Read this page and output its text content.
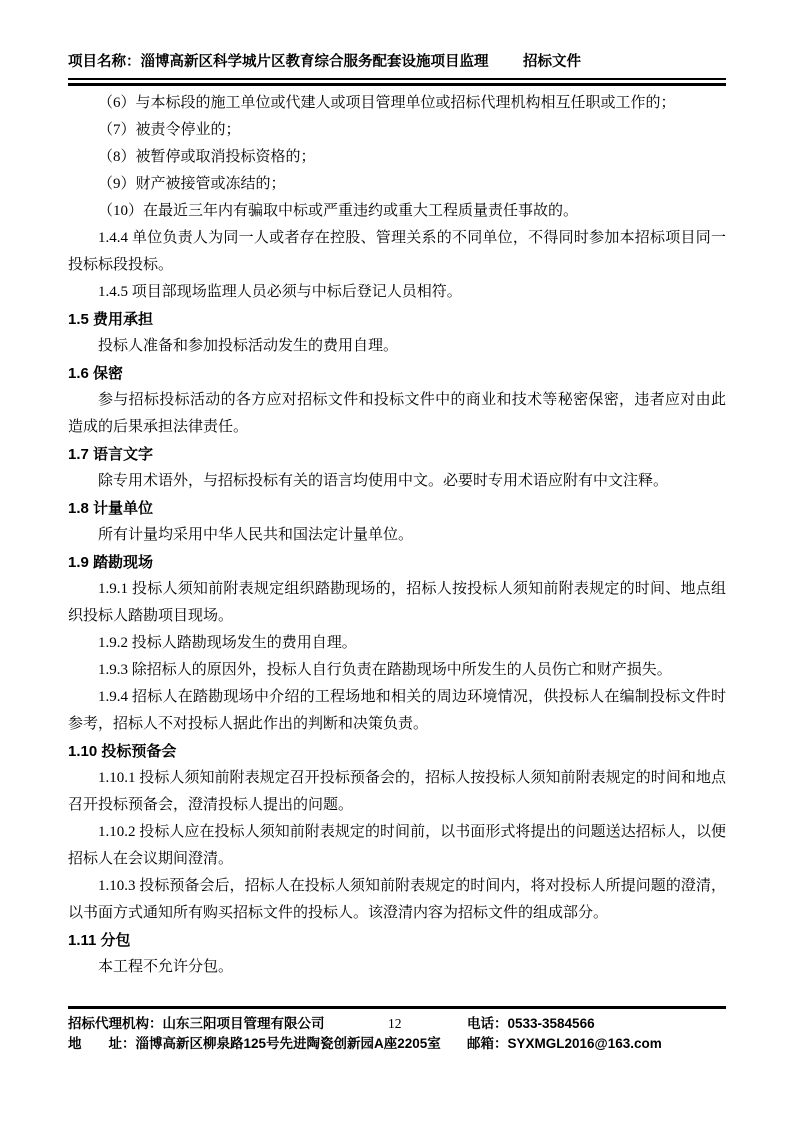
项目名称：淄博高新区科学城片区教育综合服务配套设施项目监理 招标文件

（6）与本标段的施工单位或代建人或项目管理单位或招标代理机构相互任职或工作的；

（7）被责令停业的；

（8）被暂停或取消投标资格的；

（9）财产被接管或冻结的；

（10）在最近三年内有骗取中标或严重违约或重大工程质量责任事故的。

1.4.4 单位负责人为同一人或者存在控股、管理关系的不同单位，不得同时参加本招标项目同一投标标段投标。

1.4.5 项目部现场监理人员必须与中标后登记人员相符。

1.5 费用承担

投标人准备和参加投标活动发生的费用自理。

1.6 保密

参与招标投标活动的各方应对招标文件和投标文件中的商业和技术等秘密保密，违者应对由此造成的后果承担法律责任。

1.7 语言文字

除专用术语外，与招标投标有关的语言均使用中文。必要时专用术语应附有中文注释。

1.8 计量单位

所有计量均采用中华人民共和国法定计量单位。

1.9 踏勘现场

1.9.1 投标人须知前附表规定组织踏勘现场的，招标人按投标人须知前附表规定的时间、地点组织投标人踏勘项目现场。

1.9.2 投标人踏勘现场发生的费用自理。

1.9.3 除招标人的原因外，投标人自行负责在踏勘现场中所发生的人员伤亡和财产损失。

1.9.4 招标人在踏勘现场中介绍的工程场地和相关的周边环境情况，供投标人在编制投标文件时参考，招标人不对投标人据此作出的判断和决策负责。

1.10 投标预备会

1.10.1 投标人须知前附表规定召开投标预备会的，招标人按投标人须知前附表规定的时间和地点召开投标预备会，澄清投标人提出的问题。

1.10.2 投标人应在投标人须知前附表规定的时间前，以书面形式将提出的问题送达招标人，以便招标人在会议期间澄清。

1.10.3 投标预备会后，招标人在投标人须知前附表规定的时间内，将对投标人所提问题的澄清，以书面方式通知所有购买招标文件的投标人。该澄清内容为招标文件的组成部分。

1.11 分包

本工程不允许分包。

招标代理机构：山东三阳项目管理有限公司	12	电话：0533-3584566
地　　址：淄博高新区柳泉路125号先进陶瓷创新园A座2205室 邮箱：SYXMGL2016@163.com
